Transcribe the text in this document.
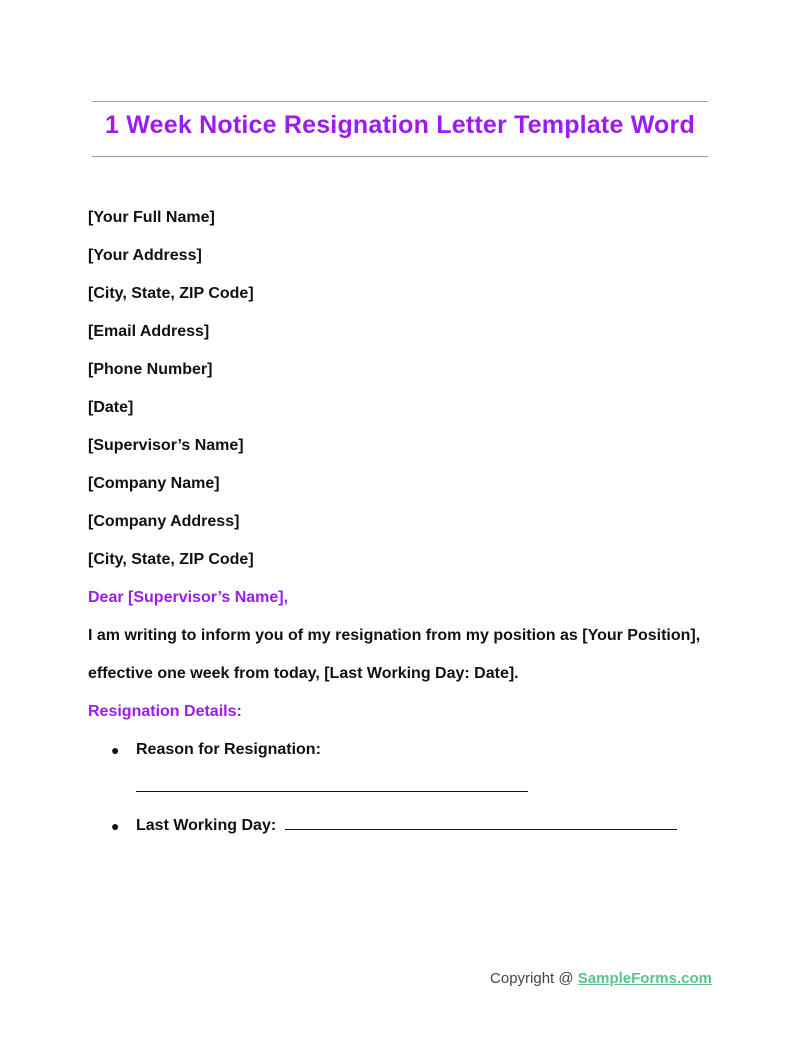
1 Week Notice Resignation Letter Template Word
[Your Full Name]
[Your Address]
[City, State, ZIP Code]
[Email Address]
[Phone Number]
[Date]
[Supervisor’s Name]
[Company Name]
[Company Address]
[City, State, ZIP Code]
Dear [Supervisor’s Name],
I am writing to inform you of my resignation from my position as [Your Position],
effective one week from today, [Last Working Day: Date].
Resignation Details:
● Reason for Resignation:
● Last Working Day:
Copyright @ SampleForms.com
